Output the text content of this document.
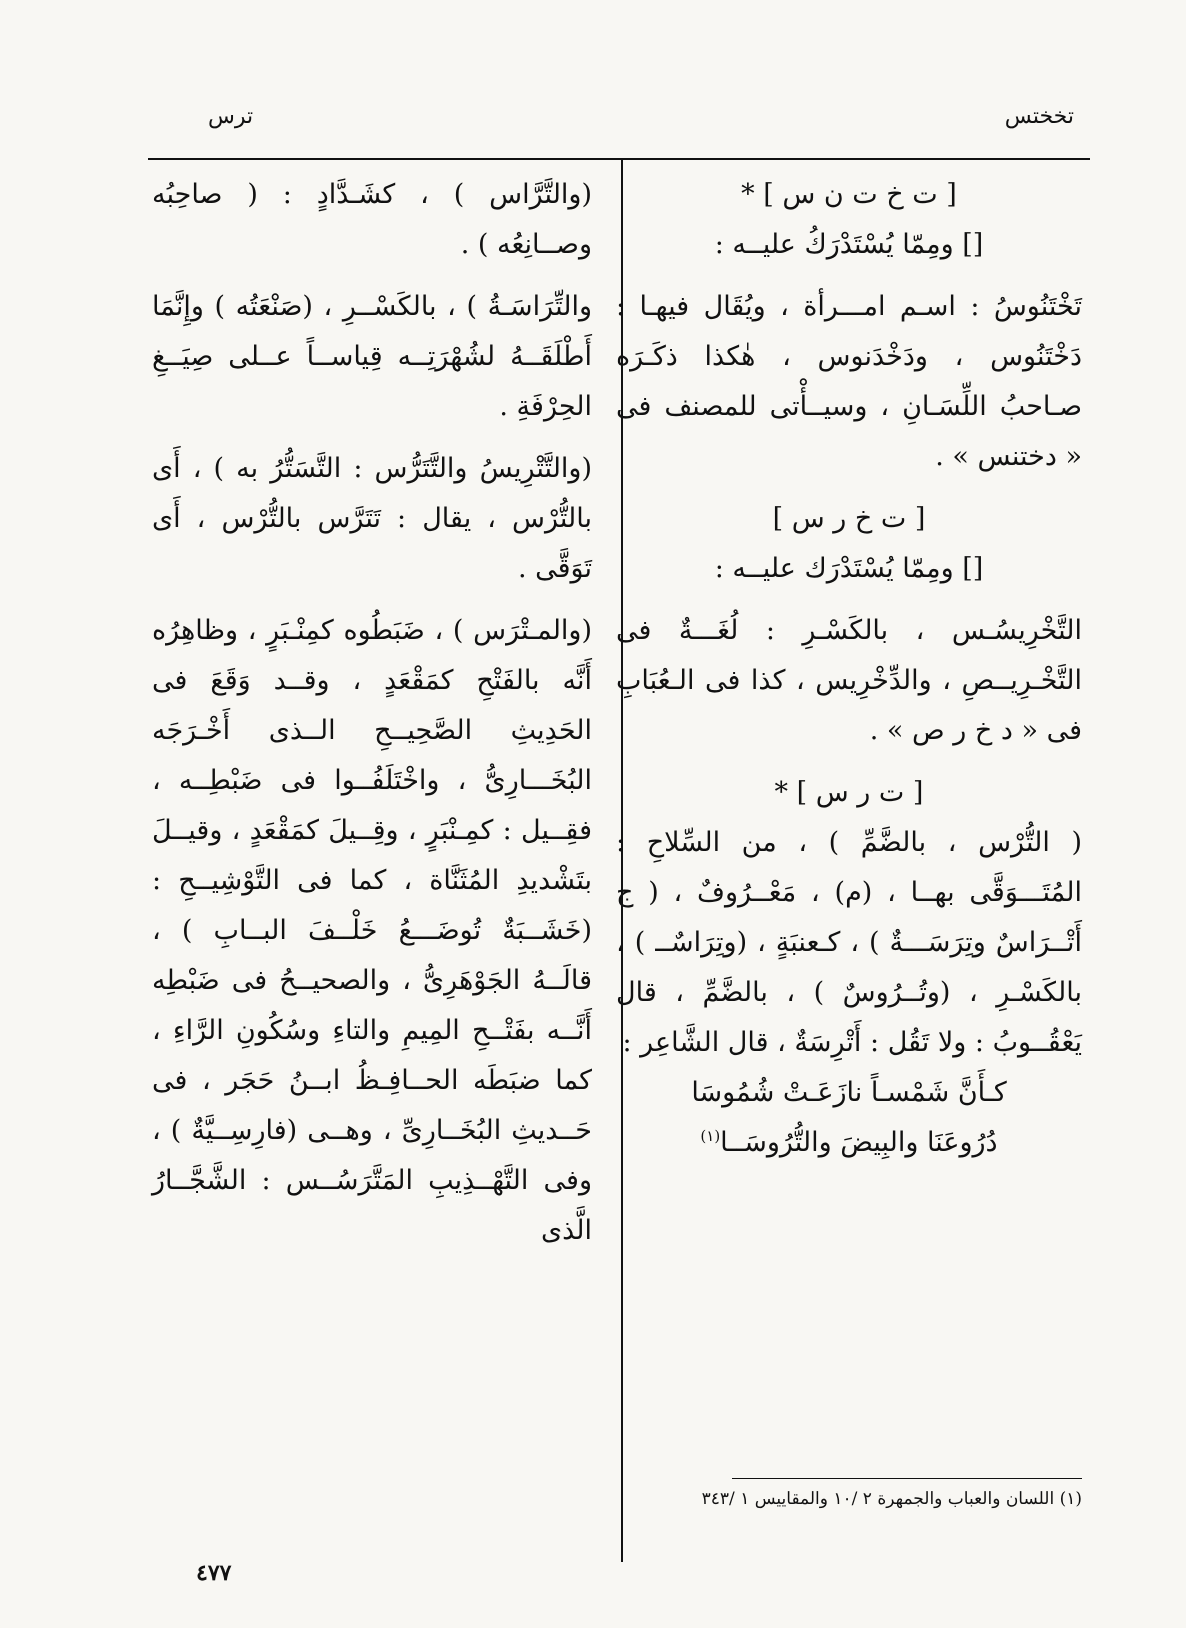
تخختس
ترس

[ ت خ ت ن س ] *

[] ومِمّا يُسْتَدْرَكُ عليــه :

تَخْتَنُوسُ : اسـم امـــرأة ، ويُقَال فيهـا : دَخْتَنُوس ، ودَخْدَنوس ، هٰكذا ذكَـرَه صـاحبُ اللِّسَـانِ ، وسيــأْتى للمصنف فى « دختنس » .

[ ت خ ر س ]

[] ومِمّا يُسْتَدْرَك عليــه :

التَّخْرِيسُـس ، بالكَسْـرِ : لُغَـــةٌ فى التَّخْـرِيــصِ ، والدِّخْرِيس ، كذا فى الـعُبَابِ فى « د خ ر ص » .

[ ت ر س ] *

( التُّرْس ، بالضَّمِّ ) ، من السِّلاحِ : المُتَـــوَقَّى بهــا ، (م) ، مَعْــرُوفٌ ، ( ج أَتْــرَاسٌ وتِرَسَـــةٌ ) ، كـعنبَةٍ ، (وتِرَاسٌــ ) ، بالكَسْـرِ ، (وتُــرُوسٌ ) ، بالضَّمِّ ، قال يَعْقُــوبُ : ولا تَقُل : أَتْرِسَةٌ ، قال الشَّاعِر :

كـأَنَّ شَمْسـاً نازَعَـتْ شُمُوسَا

دُرُوعَنَا والبِيضَ والتُّرُوسَــا$^{(١)}$

(والتَّرَّاس ) ، كشَـدَّادٍ : ( صاحِبُه وصــانِعُه ) .

والتِّرَاسَـةُ ) ، بالكَسْــرِ ، (صَنْعَتُه ) وإِنَّمَا أَطْلَقَــهُ لشُهْرَتِــه قِياســاً عــلى صِيَــغِ الحِرْفَةِ .

(والتَّتْرِيسُ والتَّتَرُّس : التَّسَتُّرُ به ) ، أَى بالتُّرْس ، يقال : تَتَرَّس بالتُّرْس ، أَى تَوَقَّى .

(والمـتْرَس ) ، ضَبَطُوه كمِنْـبَرٍ ، وظاهِرُه أَنَّه بالفَتْحِ كمَقْعَدٍ ، وقــد وَقَعَ فى الحَدِيثِ الصَّحِيــحِ الــذى أَخْـرَجَه البُخَـــارِىُّ ، واخْتَلَفُــوا فى ضَبْطِــه ، فقِــيل : كمِـنْبَرٍ ، وقِــيلَ كمَقْعَدٍ ، وقيــلَ بتَشْديدِ المُثَنَّاة ، كما فى التَّوْشِيــحِ : (خَشَــبَةٌ تُوضَـــعُ خَلْــفَ البــابِ ) ، قالَــهُ الجَوْهَرِىُّ ، والصحيــحُ فى ضَبْطِه أَنَّــه بفَتْــحِ المِيمِ والتاءِ وسُكُونِ الرَّاءِ ، كما ضبَطَه الحــافِـظُ ابــنُ حَجَر ، فى حَــديثِ البُخَــارِىِّ ، وهــى (فارِسِــيَّةٌ ) ، وفى التَّهْــذِيبِ المَتَّرَسُــس : الشَّجَّــارُ الَّذى

(١) اللسان والعباب والجمهرة ٢ /١٠ والمقاييس ١ /٣٤٣
٤٧٧
